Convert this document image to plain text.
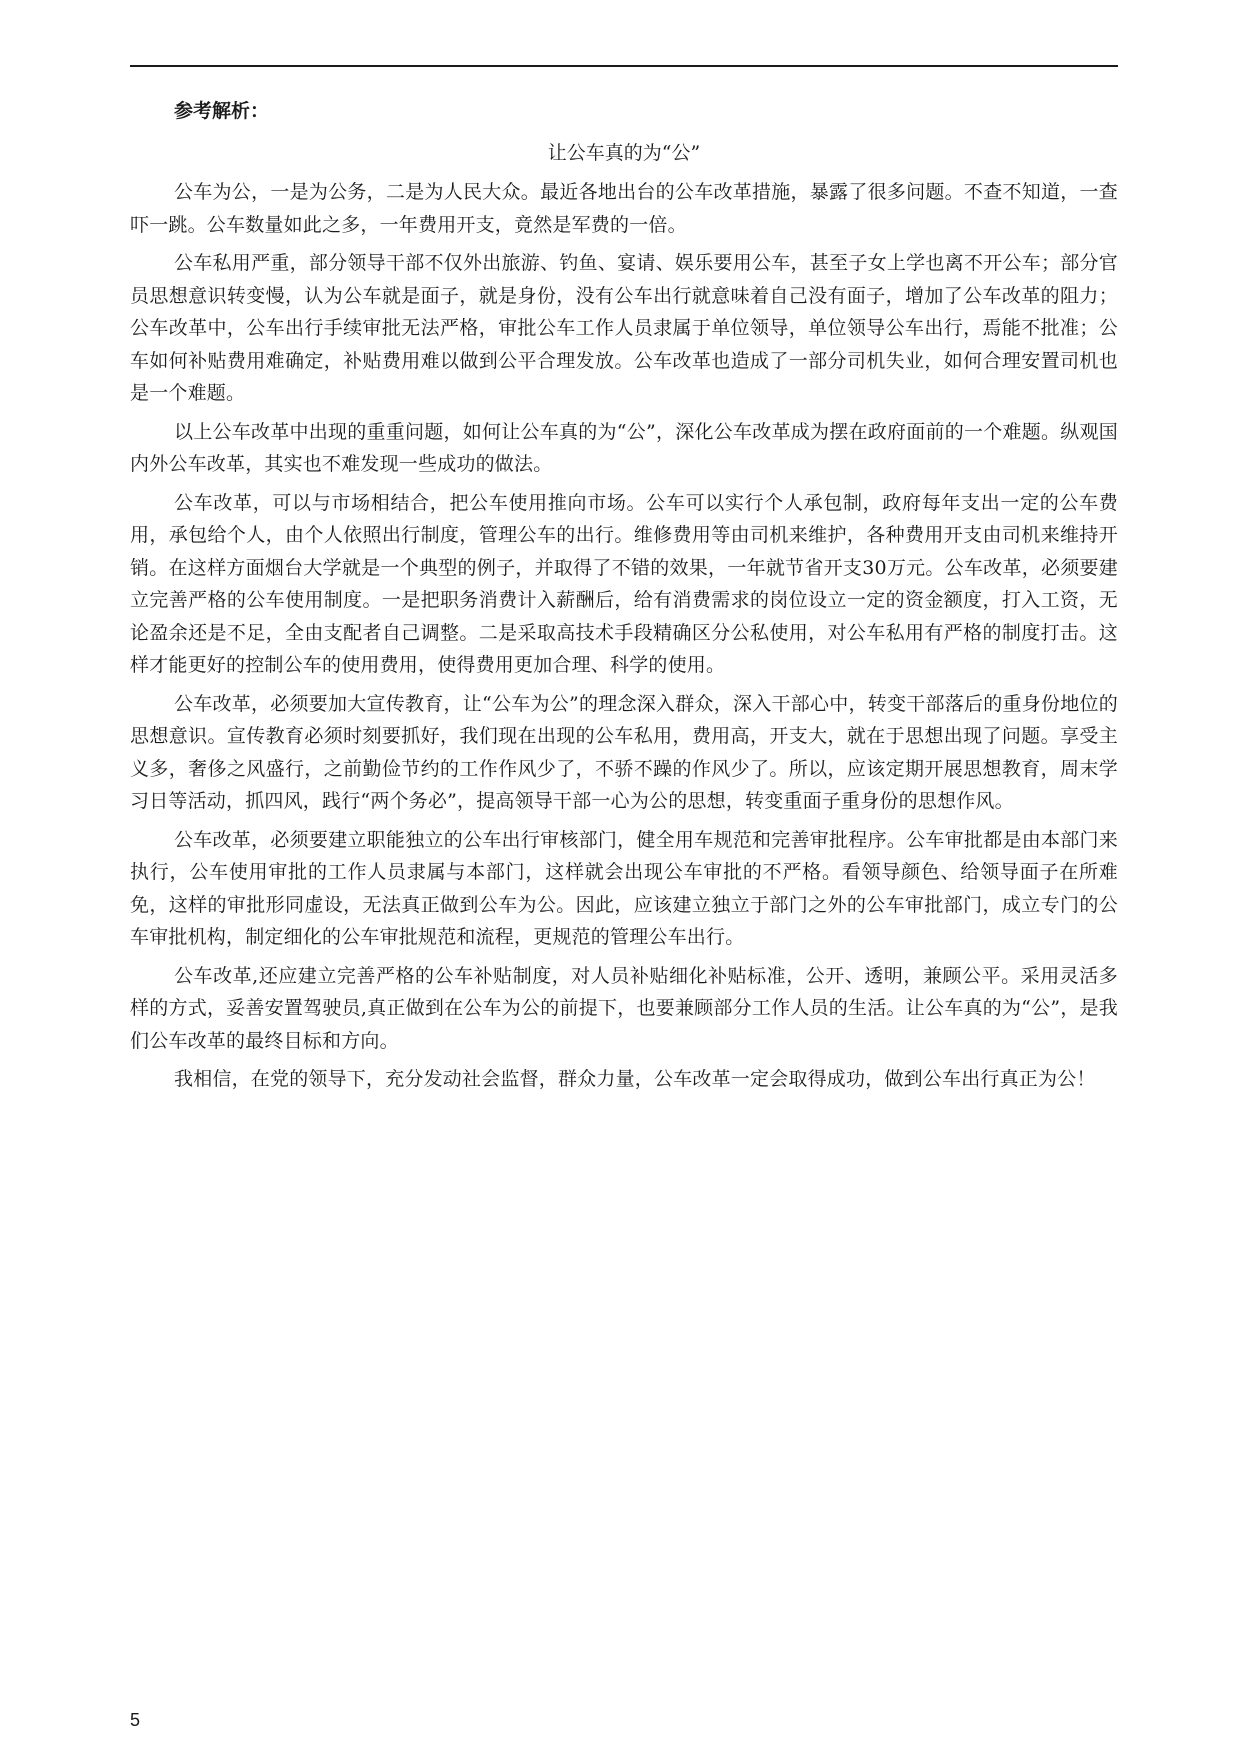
参考解析：
让公车真的为“公”

公车为公，一是为公务，二是为人民大众。最近各地出台的公车改革措施，暴露了很多问题。不查不知道，一查吓一跳。公车数量如此之多，一年费用开支，竟然是军费的一倍。

公车私用严重，部分领导干部不仅外出旅游、钓鱼、宴请、娱乐要用公车，甚至子女上学也离不开公车；部分官员思想意识转变慢，认为公车就是面子，就是身份，没有公车出行就意味着自己没有面子，增加了公车改革的阻力；公车改革中，公车出行手续审批无法严格，审批公车工作人员隶属于单位领导，单位领导公车出行，焉能不批准；公车如何补贴费用难确定，补贴费用难以做到公平合理发放。公车改革也造成了一部分司机失业，如何合理安置司机也是一个难题。

以上公车改革中出现的重重问题，如何让公车真的为“公”，深化公车改革成为摆在政府面前的一个难题。纵观国内外公车改革，其实也不难发现一些成功的做法。

公车改革，可以与市场相结合，把公车使用推向市场。公车可以实行个人承包制，政府每年支出一定的公车费用，承包给个人，由个人依照出行制度，管理公车的出行。维修费用等由司机来维护，各种费用开支由司机来维持开销。在这样方面烟台大学就是一个典型的例子，并取得了不错的效果，一年就节省开支30万元。公车改革，必须要建立完善严格的公车使用制度。一是把职务消费计入薪酬后，给有消费需求的岗位设立一定的资金额度，打入工资，无论盈余还是不足，全由支配者自己调整。二是采取高技术手段精确区分公私使用，对公车私用有严格的制度打击。这样才能更好的控制公车的使用费用，使得费用更加合理、科学的使用。

公车改革，必须要加大宣传教育，让“公车为公”的理念深入群众，深入干部心中，转变干部落后的重身份地位的思想意识。宣传教育必须时刻要抓好，我们现在出现的公车私用，费用高，开支大，就在于思想出现了问题。享受主义多，奢侈之风盛行，之前勤俭节约的工作作风少了，不骄不躁的作风少了。所以，应该定期开展思想教育，周末学习日等活动，抓四风，践行“两个务必”，提高领导干部一心为公的思想，转变重面子重身份的思想作风。

公车改革，必须要建立职能独立的公车出行审核部门，健全用车规范和完善审批程序。公车审批都是由本部门来执行，公车使用审批的工作人员隶属与本部门，这样就会出现公车审批的不严格。看领导颜色、给领导面子在所难免，这样的审批形同虚设，无法真正做到公车为公。因此，应该建立独立于部门之外的公车审批部门，成立专门的公车审批机构，制定细化的公车审批规范和流程，更规范的管理公车出行。

公车改革,还应建立完善严格的公车补贴制度，对人员补贴细化补贴标准，公开、透明，兼顾公平。采用灵活多样的方式，妥善安置驾驶员,真正做到在公车为公的前提下，也要兼顾部分工作人员的生活。让公车真的为“公”，是我们公车改革的最终目标和方向。

我相信，在党的领导下，充分发动社会监督，群众力量，公车改革一定会取得成功，做到公车出行真正为公！

5
